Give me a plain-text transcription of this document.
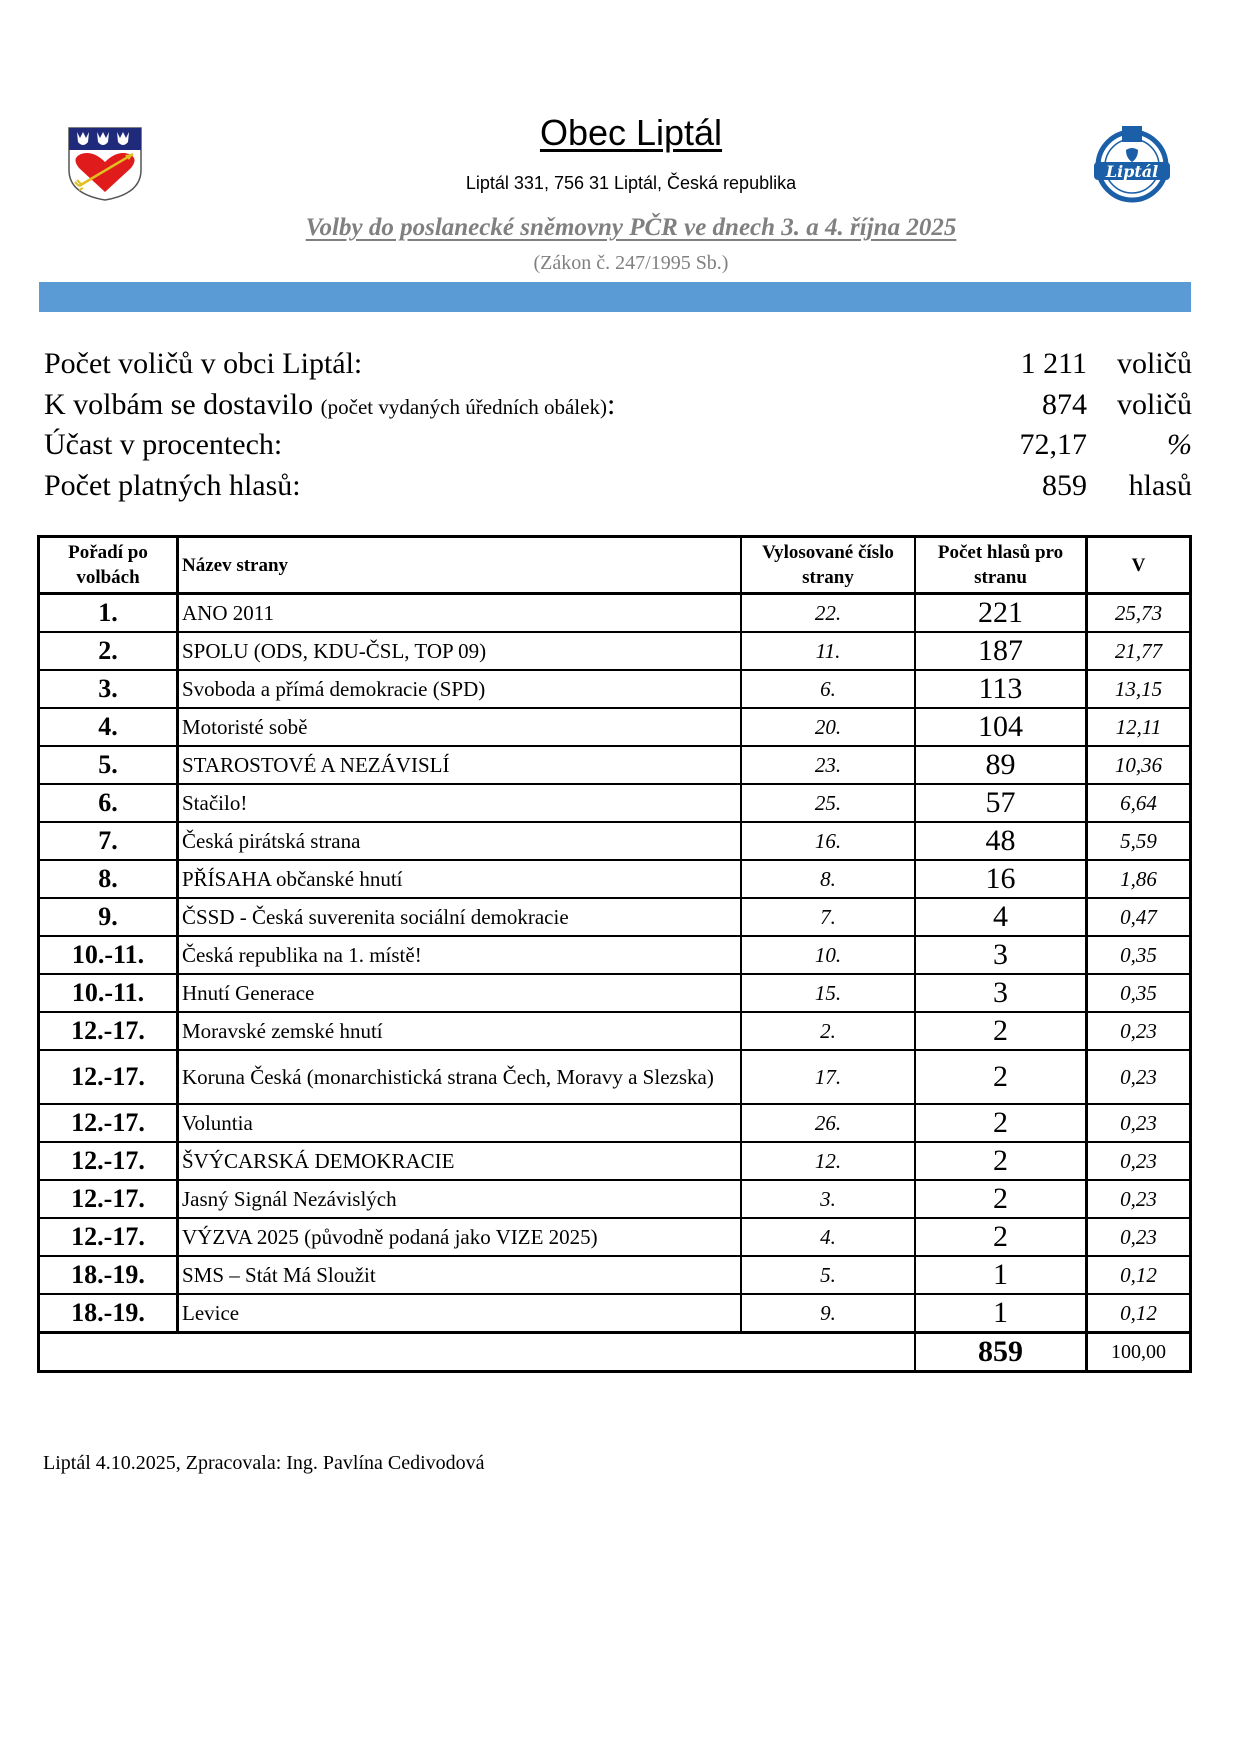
Liptál
Obec Liptál
Liptál 331, 756 31 Liptál, Česká republika
Volby do poslanecké sněmovny PČR ve dnech 3. a 4. října 2025
(Zákon č. 247/1995 Sb.)
Počet voličů v obci Liptál:	1 211 voličů
K volbám se dostavilo (počet vydaných úředních obálek):	874 voličů
Účast v procentech:	72,17	%
Počet platných hlasů:	859 hlasů
Pořadí po volbách	Název strany	Vylosované číslo strany	Počet hlasů pro stranu	V
1.	ANO 2011	22.	221	25,73
2.	SPOLU (ODS, KDU-ČSL, TOP 09)	11.	187	21,77
3.	Svoboda a přímá demokracie (SPD)	6.	113	13,15
4.	Motoristé sobě	20.	104	12,11
5.	STAROSTOVÉ A NEZÁVISLÍ	23.	89	10,36
6.	Stačilo!	25.	57	6,64
7.	Česká pirátská strana	16.	48	5,59
8.	PŘÍSAHA občanské hnutí	8.	16	1,86
9.	ČSSD - Česká suverenita sociální demokracie	7.	4	0,47
10.-11.	Česká republika na 1. místě!	10.	3	0,35
10.-11.	Hnutí Generace	15.	3	0,35
12.-17.	Moravské zemské hnutí	2.	2	0,23
12.-17.	Koruna Česká (monarchistická strana Čech, Moravy a Slezska)	17.	2	0,23
12.-17.	Voluntia	26.	2	0,23
12.-17.	ŠVÝCARSKÁ DEMOKRACIE	12.	2	0,23
12.-17.	Jasný Signál Nezávislých	3.	2	0,23
12.-17.	VÝZVA 2025 (původně podaná jako VIZE 2025)	4.	2	0,23
18.-19.	SMS – Stát Má Sloužit	5.	1	0,12
18.-19.	Levice	9.	1	0,12
			859	100,00
Liptál 4.10.2025, Zpracovala: Ing. Pavlína Cedivodová
